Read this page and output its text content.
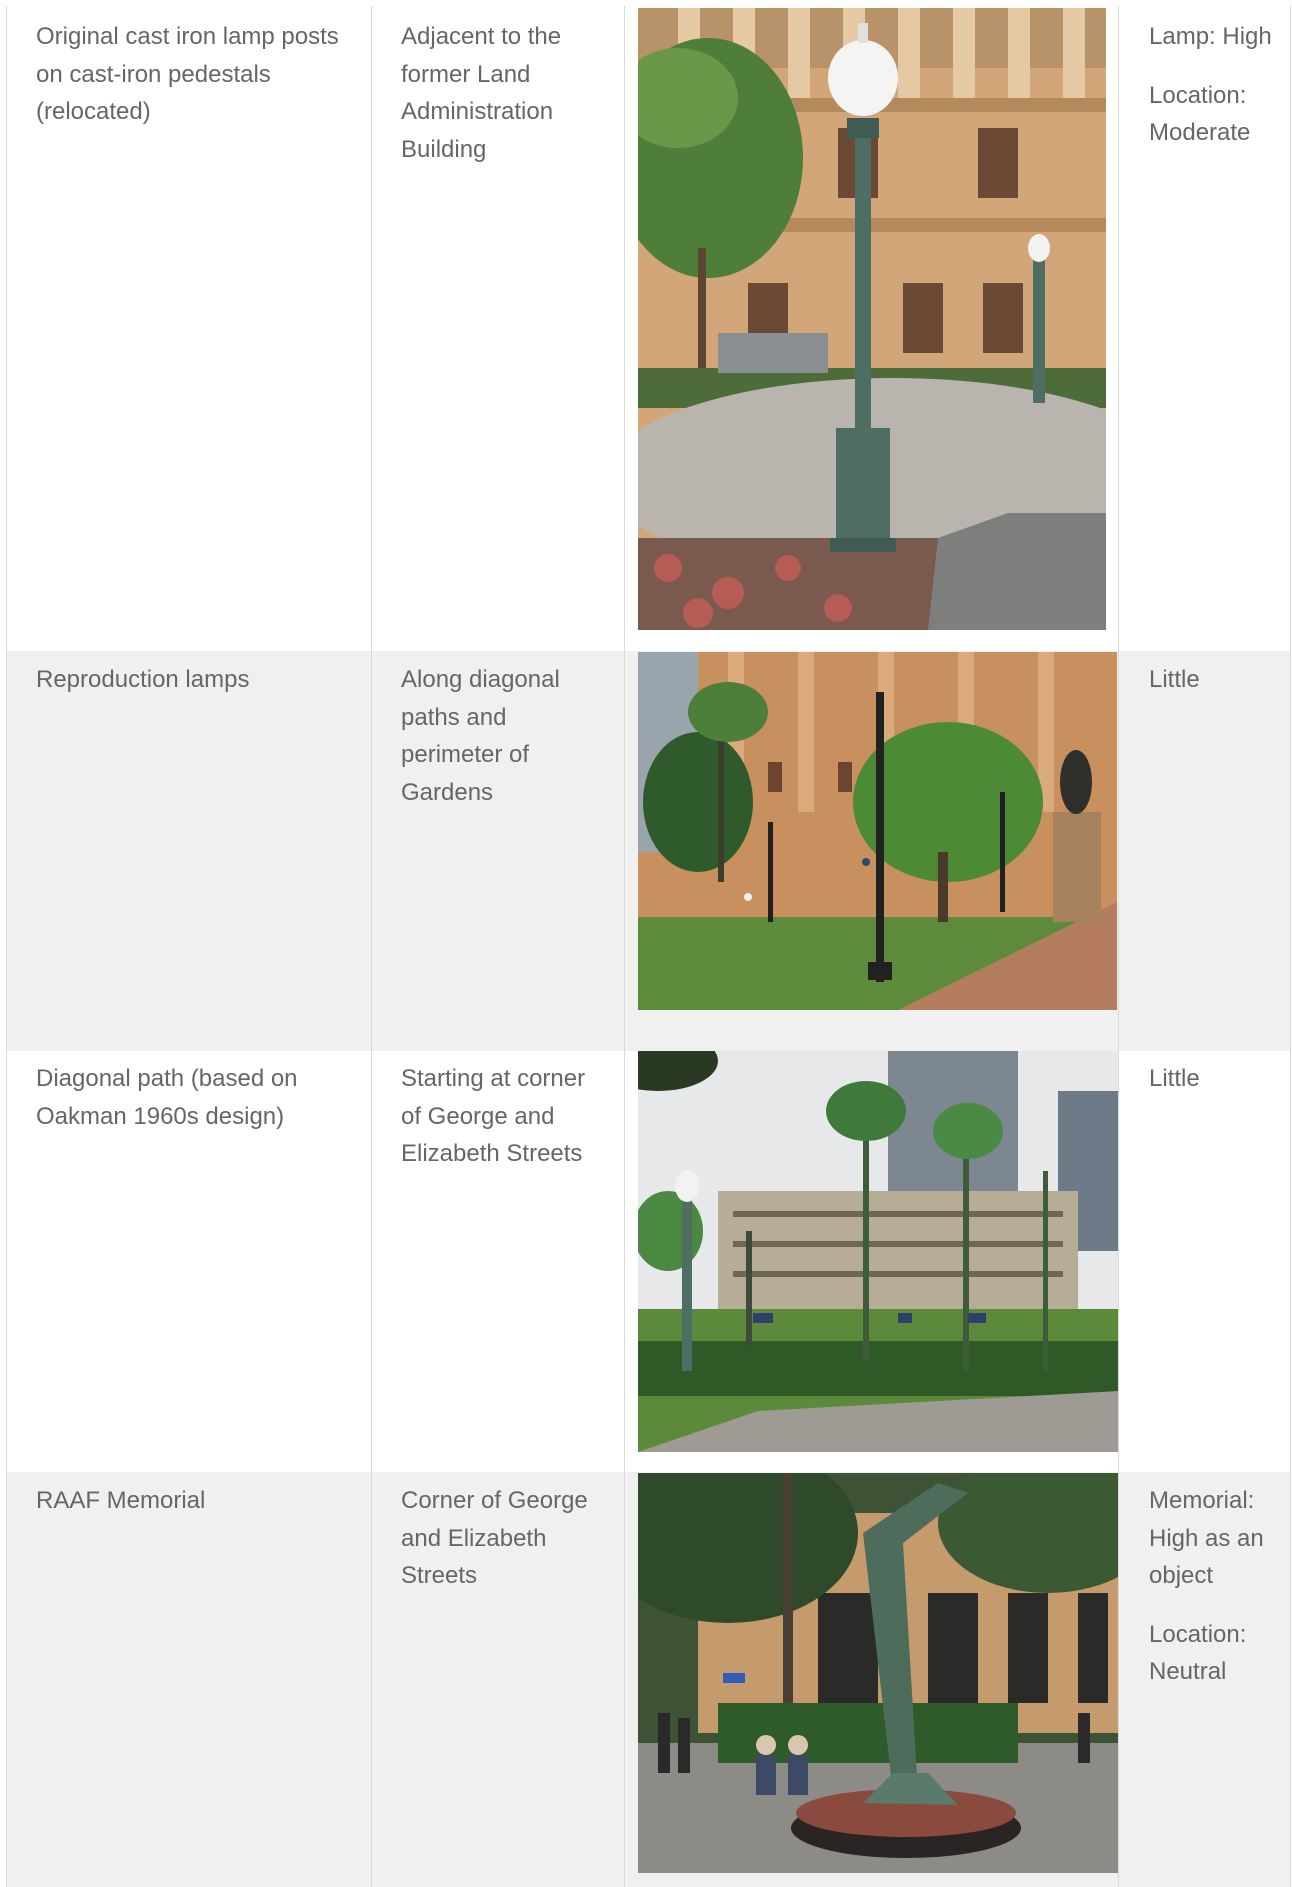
Original cast iron lamp posts on cast-iron pedestals (relocated)

Adjacent to the former Land Administration Building

Lamp: High

Location: Moderate

Reproduction lamps	Along diagonal paths and perimeter of Gardens

Little

Diagonal path (based on Oakman 1960s design)

Starting at corner of George and Elizabeth Streets

Little

RAAF Memorial	Corner of George and Elizabeth Streets

Memorial: High as an object

Location: Neutral
